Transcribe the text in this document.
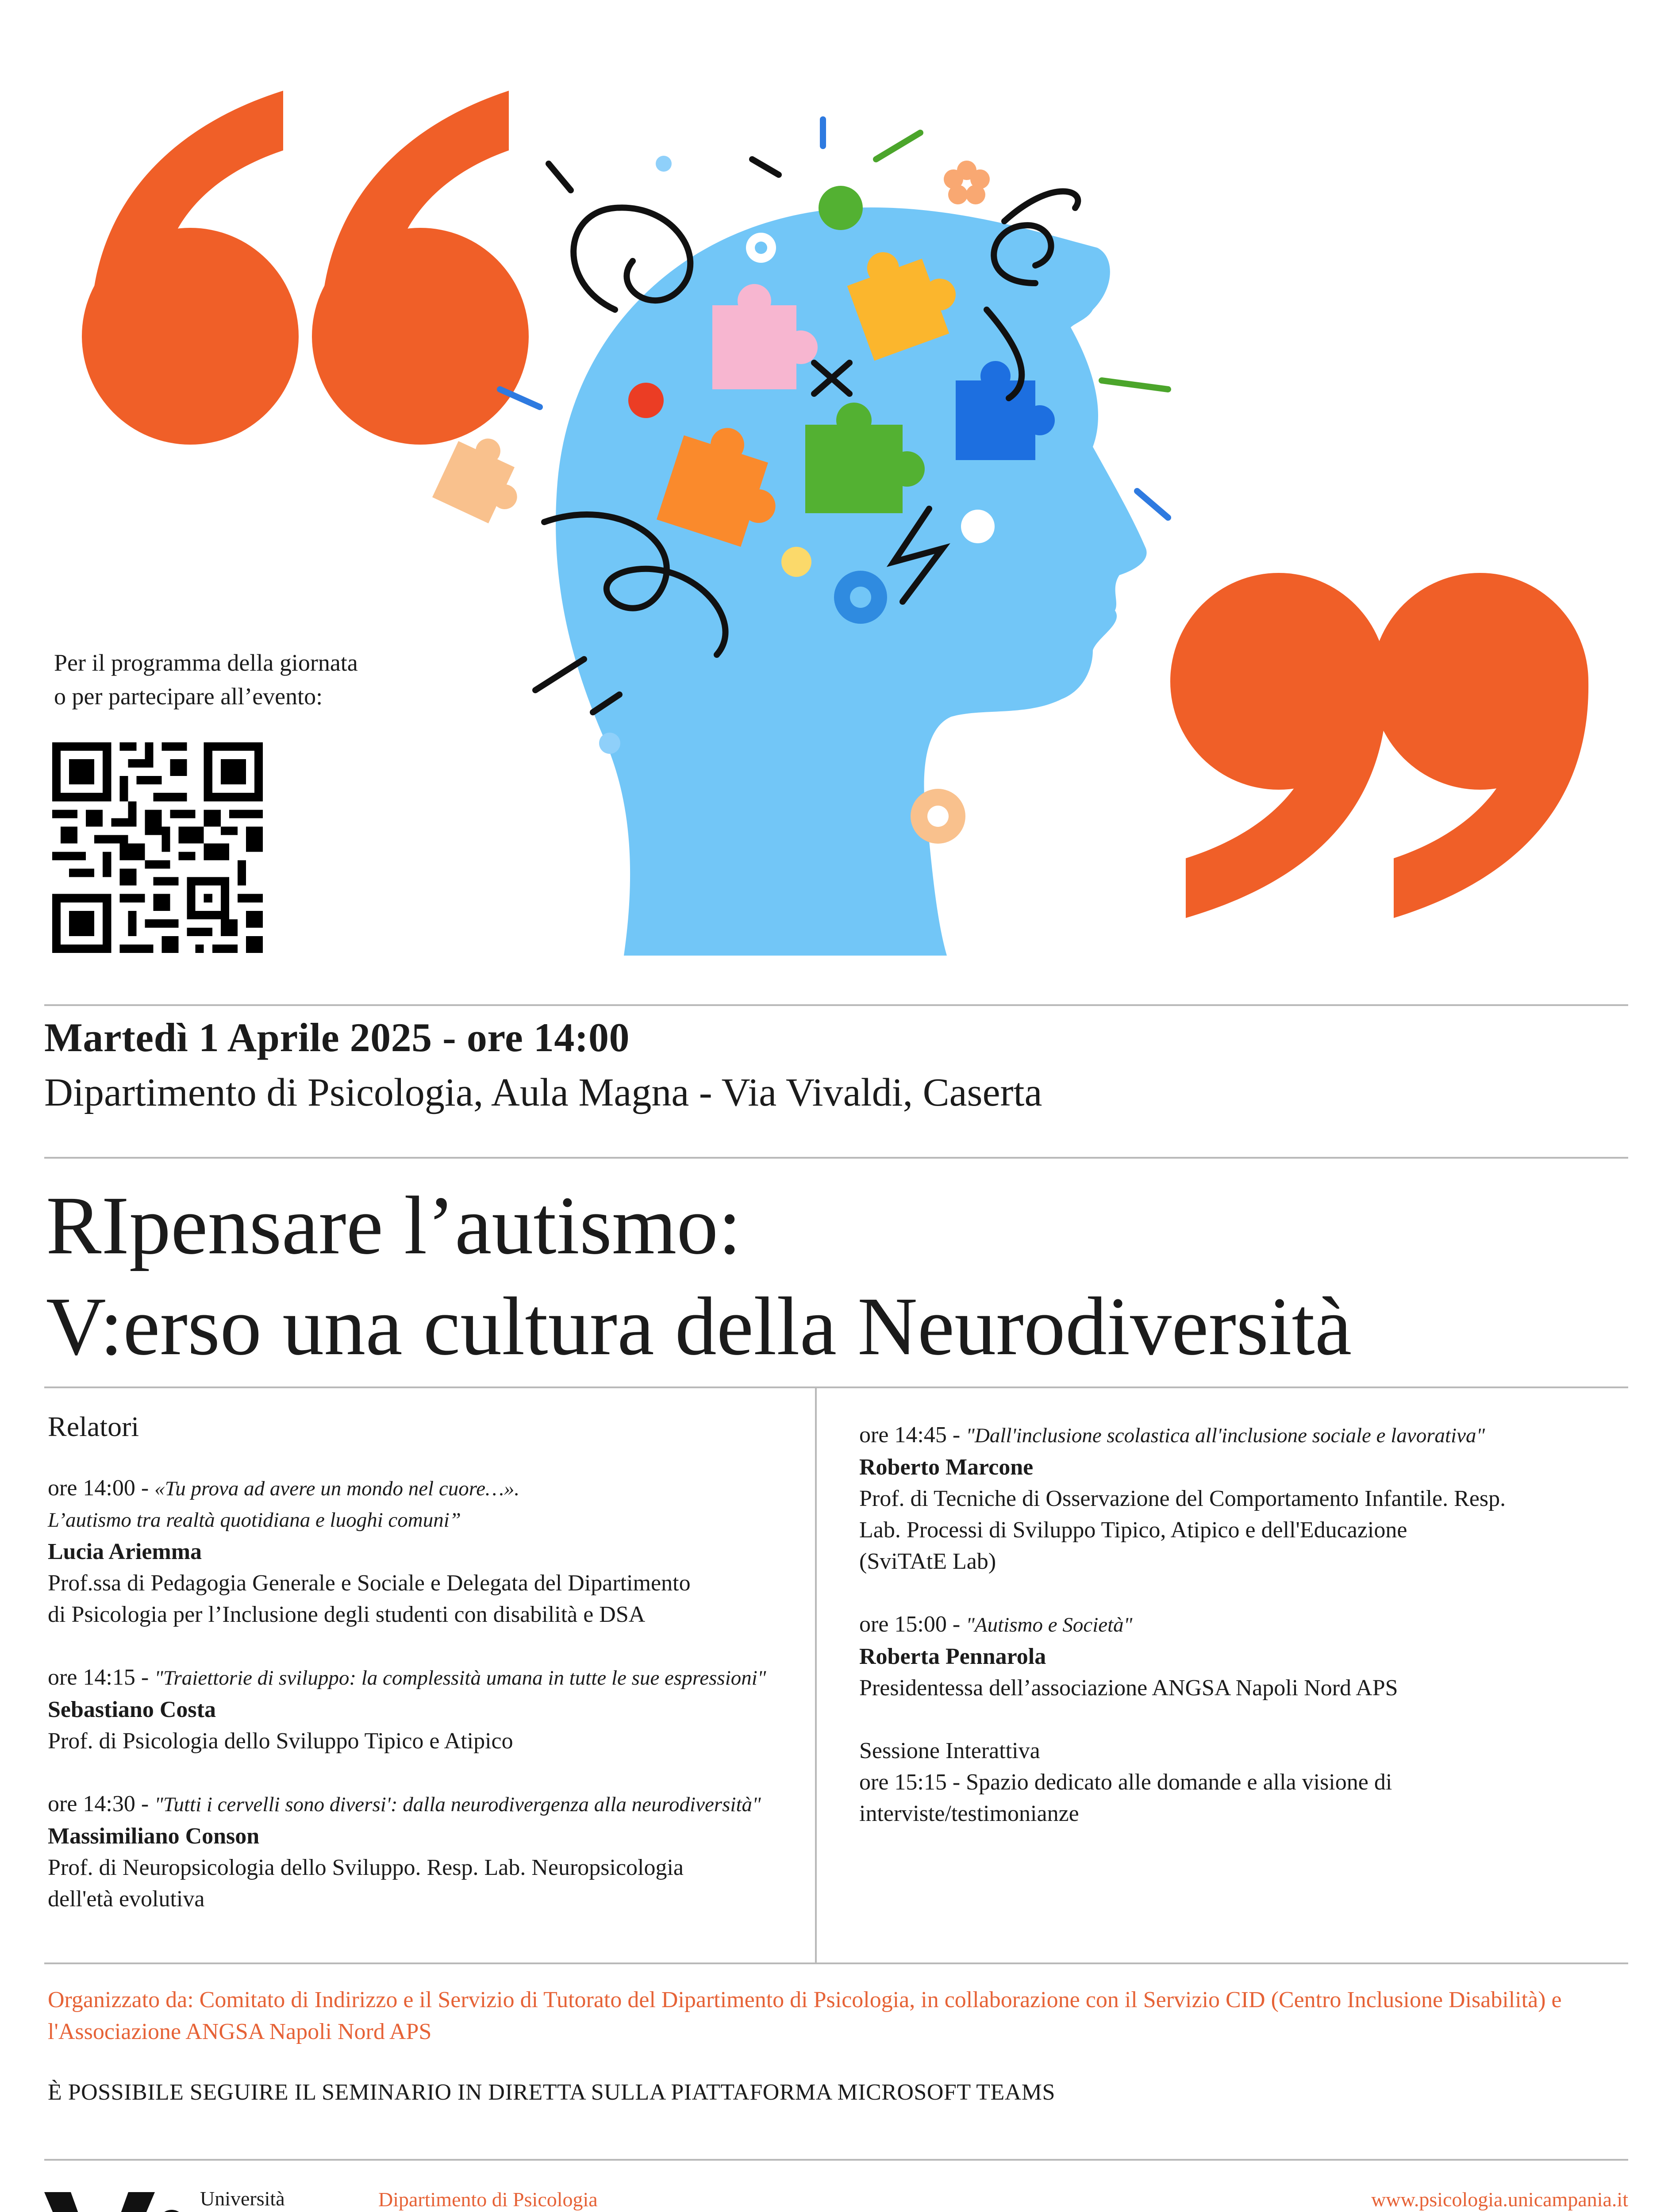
Per il programma della giornata
o per partecipare all’evento:
Martedì 1 Aprile 2025 - ore 14:00
Dipartimento di Psicologia, Aula Magna - Via Vivaldi, Caserta
RIpensare l’autismo:
V:erso una cultura della Neurodiversità
Relatori

ore 14:00 - «Tu prova ad avere un mondo nel cuore…».

L’autismo tra realtà quotidiana e luoghi comuni”

Lucia Ariemma

Prof.ssa di Pedagogia Generale e Sociale e Delegata del Dipartimento

di Psicologia per l’Inclusione degli studenti con disabilità e DSA

ore 14:15 - "Traiettorie di sviluppo: la complessità umana in tutte le sue espressioni"

Sebastiano Costa

Prof. di Psicologia dello Sviluppo Tipico e Atipico

ore 14:30 - "Tutti i cervelli sono diversi': dalla neurodivergenza alla neurodiversità"

Massimiliano Conson

Prof. di Neuropsicologia dello Sviluppo. Resp. Lab. Neuropsicologia

dell'età evolutiva

ore 14:45 - "Dall'inclusione scolastica all'inclusione sociale e lavorativa"

Roberto Marcone

Prof. di Tecniche di Osservazione del Comportamento Infantile. Resp.

Lab. Processi di Sviluppo Tipico, Atipico e dell'Educazione

(SviTAtE Lab)

ore 15:00 - "Autismo e Società"

Roberta Pennarola

Presidentessa dell’associazione ANGSA Napoli Nord APS

Sessione Interattiva

ore 15:15 - Spazio dedicato alle domande e alla visione di

interviste/testimonianze

Organizzato da: Comitato di Indirizzo e il Servizio di Tutorato del Dipartimento di Psicologia, in collaborazione con il Servizio CID (Centro Inclusione Disabilità) e l'Associazione ANGSA Napoli Nord APS
È POSSIBILE SEGUIRE IL SEMINARIO IN DIRETTA SULLA PIATTAFORMA MICROSOFT TEAMS
Università	Dipartimento di Psicologia	www.psicologia.unicampania.it
